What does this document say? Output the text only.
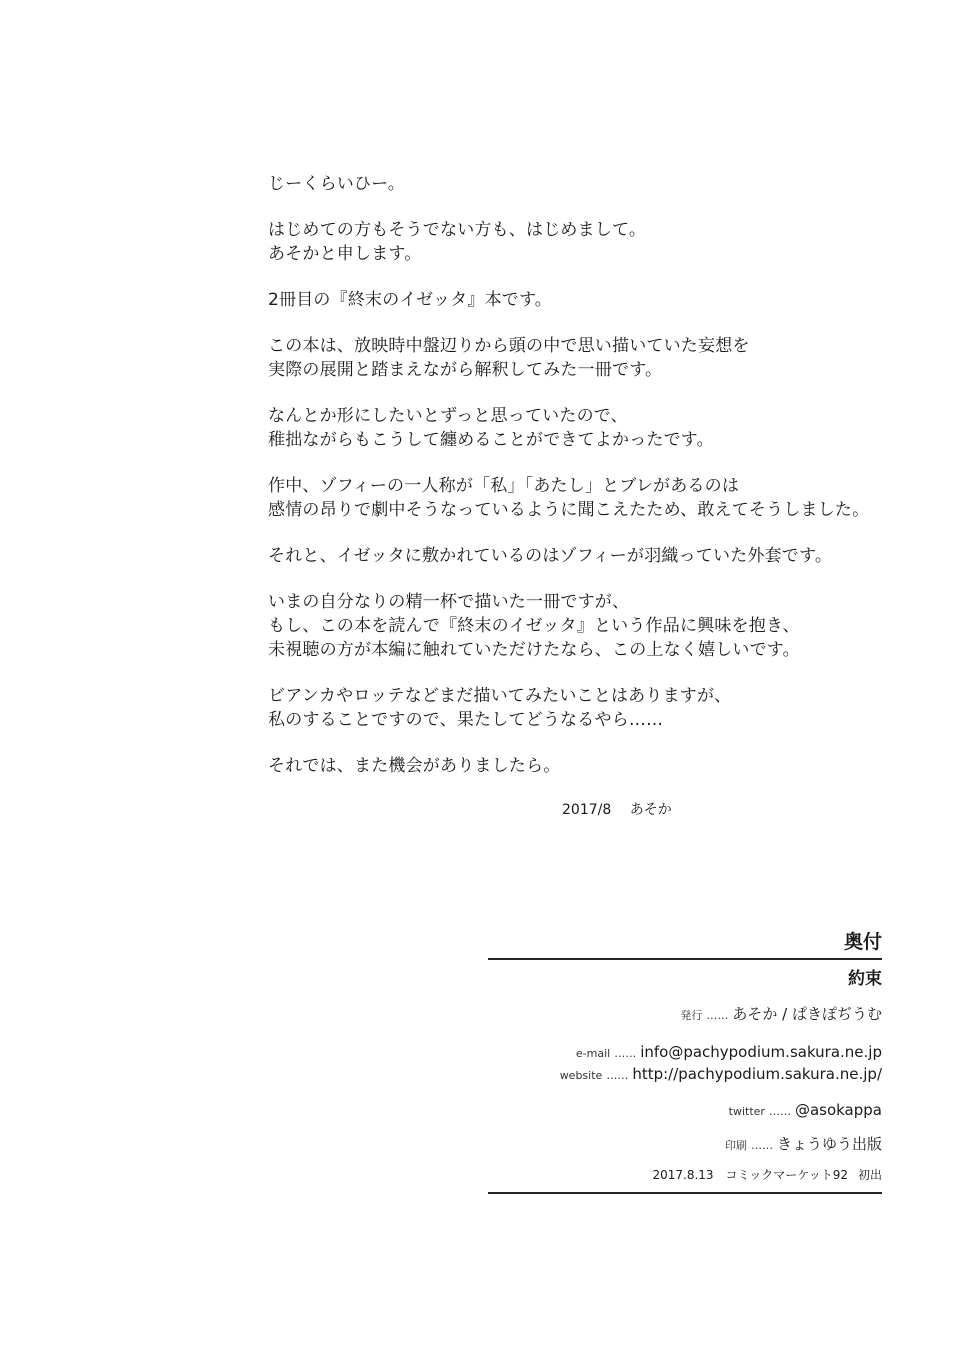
じーくらいひー。

はじめての方もそうでない方も、はじめまして。
あそかと申します。

2冊目の『終末のイゼッタ』本です。

この本は、放映時中盤辺りから頭の中で思い描いていた妄想を
実際の展開と踏まえながら解釈してみた一冊です。

なんとか形にしたいとずっと思っていたので、
稚拙ながらもこうして纏めることができてよかったです。

作中、ゾフィーの一人称が「私」「あたし」とブレがあるのは
感情の昂りで劇中そうなっているように聞こえたため、敢えてそうしました。

それと、イゼッタに敷かれているのはゾフィーが羽織っていた外套です。

いまの自分なりの精一杯で描いた一冊ですが、
もし、この本を読んで『終末のイゼッタ』という作品に興味を抱き、
未視聴の方が本編に触れていただけたなら、この上なく嬉しいです。

ビアンカやロッテなどまだ描いてみたいことはありますが、
私のすることですので、果たしてどうなるやら……

それでは、また機会がありましたら。

2017/8 あそか
奥付
約束
発行 …… あそか / ぱきぽぢうむ
e-mail …… info@pachypodium.sakura.ne.jp
website …… http://pachypodium.sakura.ne.jp/
twitter …… @asokappa
印刷 …… きょうゆう出版
2017.8.13 コミックマーケット92 初出
